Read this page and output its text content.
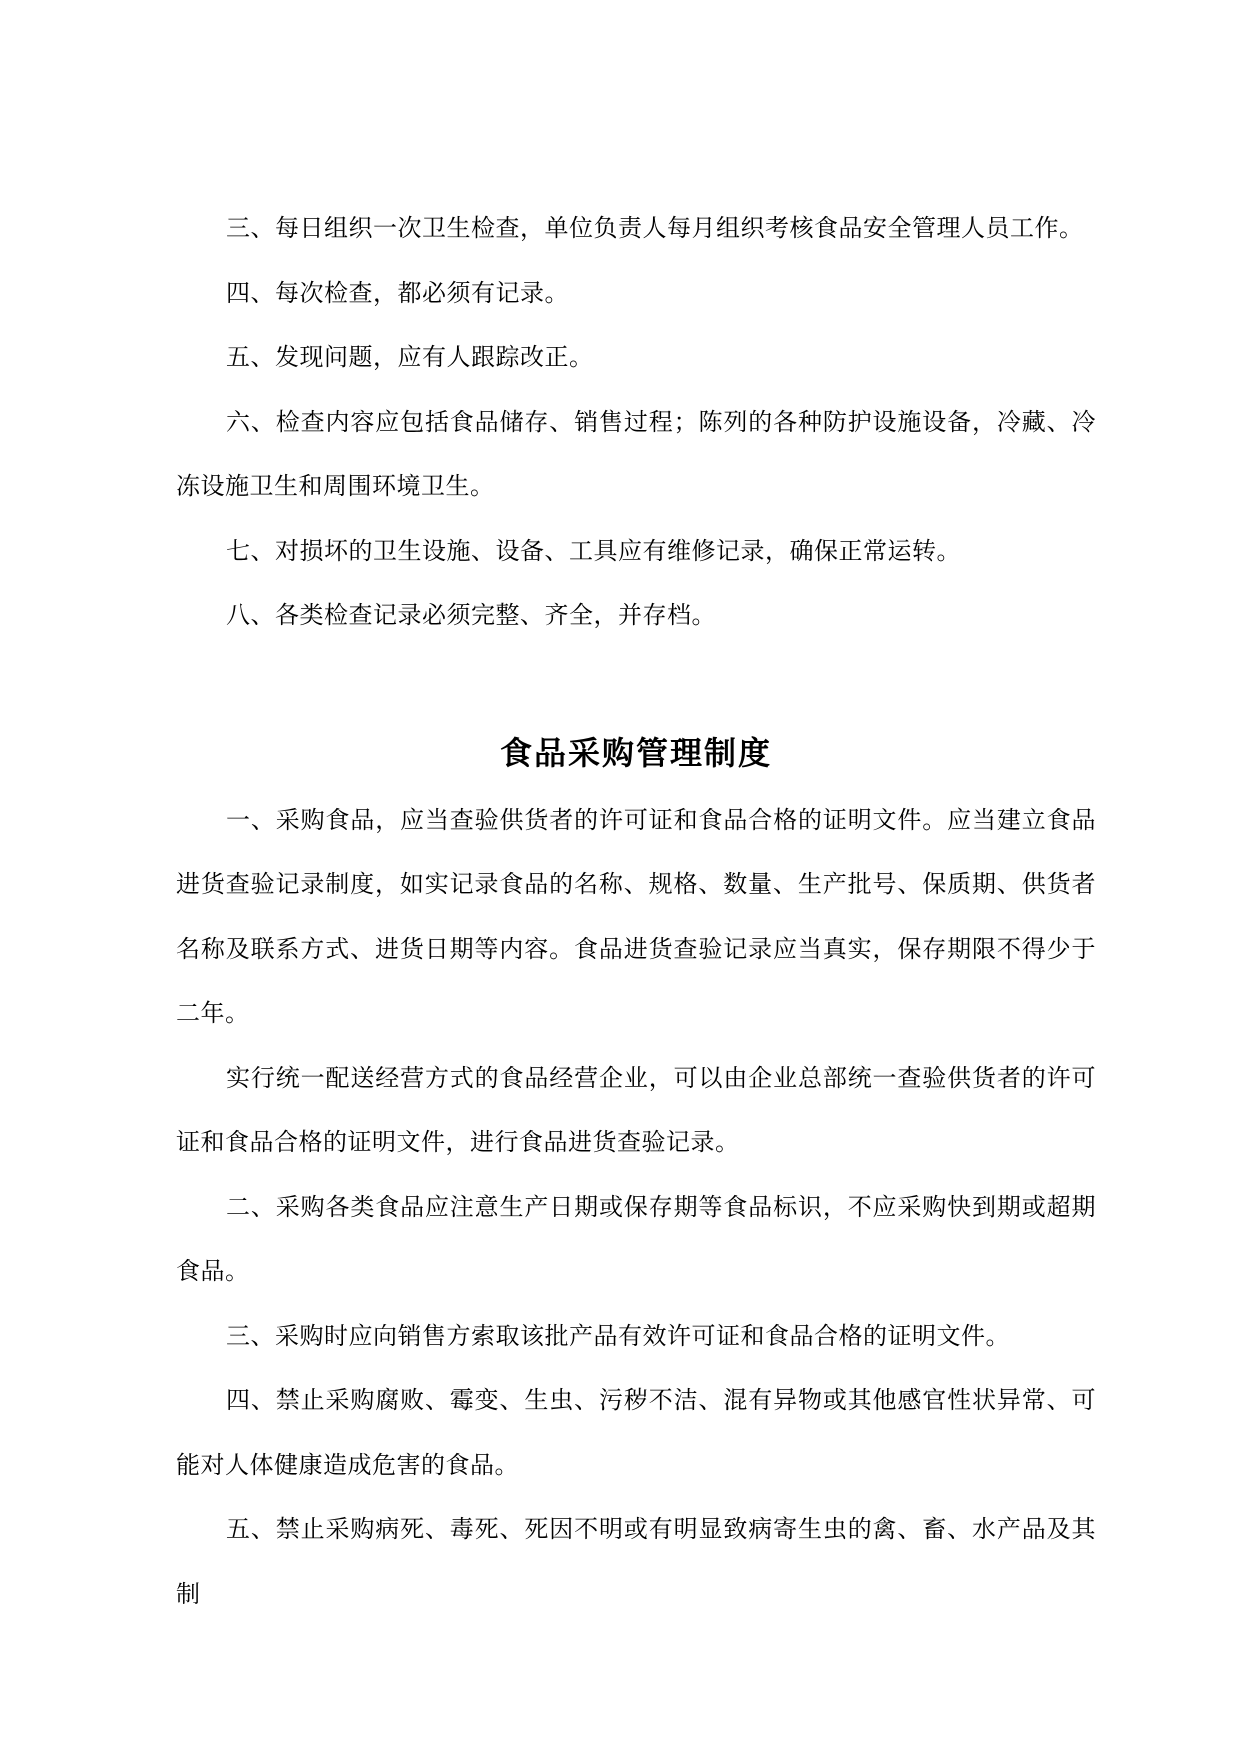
三、每日组织一次卫生检查，单位负责人每月组织考核食品安全管理人员工作。

四、每次检查，都必须有记录。

五、发现问题，应有人跟踪改正。

六、检查内容应包括食品储存、销售过程；陈列的各种防护设施设备，冷藏、冷冻设施卫生和周围环境卫生。

七、对损坏的卫生设施、设备、工具应有维修记录，确保正常运转。

八、各类检查记录必须完整、齐全，并存档。

食品采购管理制度

一、采购食品，应当查验供货者的许可证和食品合格的证明文件。应当建立食品进货查验记录制度，如实记录食品的名称、规格、数量、生产批号、保质期、供货者名称及联系方式、进货日期等内容。食品进货查验记录应当真实，保存期限不得少于二年。

实行统一配送经营方式的食品经营企业，可以由企业总部统一查验供货者的许可证和食品合格的证明文件，进行食品进货查验记录。

二、采购各类食品应注意生产日期或保存期等食品标识，不应采购快到期或超期食品。

三、采购时应向销售方索取该批产品有效许可证和食品合格的证明文件。

四、禁止采购腐败、霉变、生虫、污秽不洁、混有异物或其他感官性状异常、可能对人体健康造成危害的食品。

五、禁止采购病死、毒死、死因不明或有明显致病寄生虫的禽、畜、水产品及其制
